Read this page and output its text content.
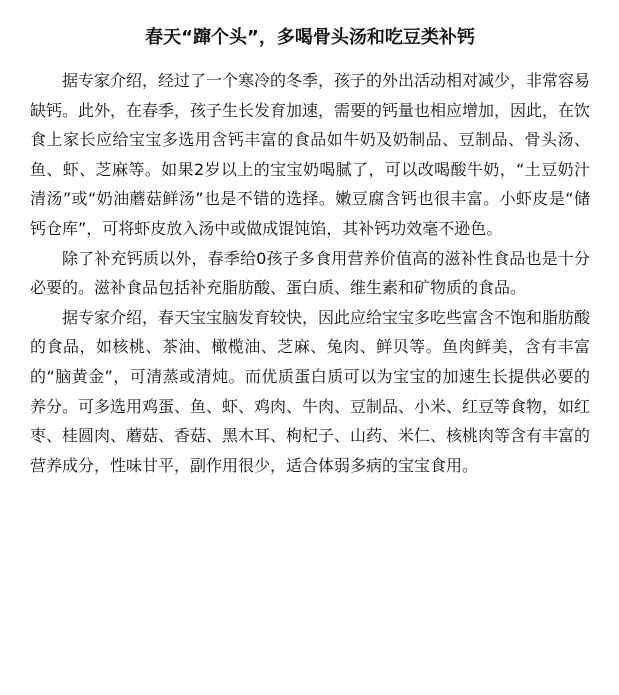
春天“蹿个头”，多喝骨头汤和吃豆类补钙

据专家介绍，经过了一个寒冷的冬季，孩子的外出活动相对减少，非常容易缺钙。此外，在春季，孩子生长发育加速，需要的钙量也相应增加，因此，在饮食上家长应给宝宝多选用含钙丰富的食品如牛奶及奶制品、豆制品、骨头汤、鱼、虾、芝麻等。如果2岁以上的宝宝奶喝腻了，可以改喝酸牛奶，“土豆奶汁清汤”或“奶油蘑菇鲜汤”也是不错的选择。嫩豆腐含钙也很丰富。小虾皮是“储钙仓库”，可将虾皮放入汤中或做成馄饨馅，其补钙功效毫不逊色。

除了补充钙质以外，春季给0孩子多食用营养价值高的滋补性食品也是十分必要的。滋补食品包括补充脂肪酸、蛋白质、维生素和矿物质的食品。

据专家介绍，春天宝宝脑发育较快，因此应给宝宝多吃些富含不饱和脂肪酸的食品，如核桃、茶油、橄榄油、芝麻、兔肉、鲜贝等。鱼肉鲜美，含有丰富的“脑黄金”，可清蒸或清炖。而优质蛋白质可以为宝宝的加速生长提供必要的养分。可多选用鸡蛋、鱼、虾、鸡肉、牛肉、豆制品、小米、红豆等食物，如红枣、桂圆肉、蘑菇、香菇、黑木耳、枸杞子、山药、米仁、核桃肉等含有丰富的营养成分，性味甘平，副作用很少，适合体弱多病的宝宝食用。
